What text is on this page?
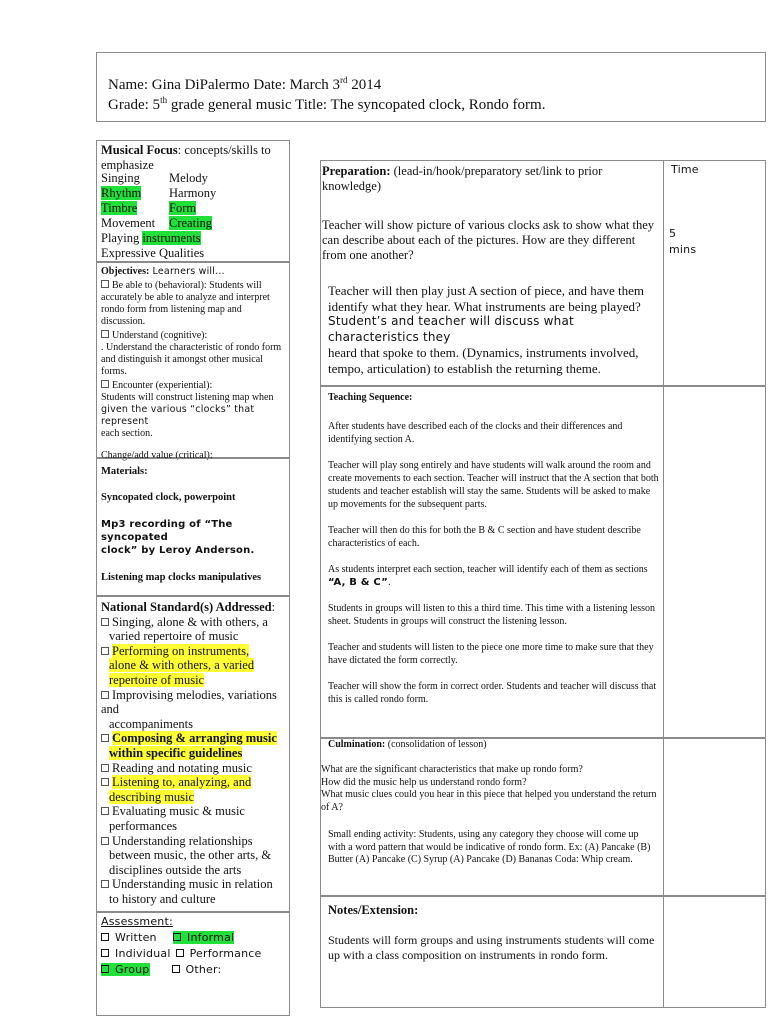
Name: Gina DiPalermo Date: March 3rd 2014
Grade: 5th grade general music Title: The syncopated clock, Rondo form.
Musical Focus: concepts/skills to emphasize
Singing Melody
Rhythm Harmony
Timbre	Form
Movement Creating
Playing instruments
Expressive Qualities
Objectives: Learners will…
Be able to (behavioral): Students will
accurately be able to analyze and interpret rondo form from listening map and discussion.
Understand (cognitive):
. Understand the characteristic of rondo form and distinguish it amongst other musical forms.
Encounter (experiential):
Students will construct listening map when
given the various “clocks” that represent
each section.
Change/add value (critical):
Materials:
Syncopated clock, powerpoint
Mp3 recording of “The syncopated
clock” by Leroy Anderson.
Listening map clocks manipulatives
National Standard(s) Addressed:
Singing, alone & with others, a
varied repertoire of music
Performing on instruments,
alone & with others, a varied
repertoire of music
Improvising melodies, variations
and
accompaniments
Composing & arranging music
within specific guidelines
Reading and notating music
Listening to, analyzing, and
describing music
Evaluating music & music
performances
Understanding relationships
between music, the other arts, &
disciplines outside the arts
Understanding music in relation
to history and culture
Assessment:
Written	Informal
Individual Performance
Group	Other:
Preparation: (lead-in/hook/preparatory set/link to prior knowledge)
Teacher will show picture of various clocks ask to show what they can describe about each of the pictures. How are they different from one another?
Teacher will then play just A section of piece, and have them identify what they hear. What instruments are being played?
Student’s and teacher will discuss what characteristics they
heard that spoke to them. (Dynamics, instruments involved, tempo, articulation) to establish the returning theme.
Time
5
mins
Teaching Sequence:
After students have described each of the clocks and their differences and identifying section A.
Teacher will play song entirely and have students will walk around the room and create movements to each section. Teacher will instruct that the A section that both students and teacher establish will stay the same. Students will be asked to make up movements for the subsequent parts.
Teacher will then do this for both the B & C section and have student describe characteristics of each.
As students interpret each section, teacher will identify each of them as sections “A, B & C”.
Students in groups will listen to this a third time. This time with a listening lesson sheet. Students in groups will construct the listening lesson.
Teacher and students will listen to the piece one more time to make sure that they have dictated the form correctly.
Teacher will show the form in correct order. Students and teacher will discuss that this is called rondo form.
Culmination: (consolidation of lesson)
What are the significant characteristics that make up rondo form?
How did the music help us understand rondo form?
What music clues could you hear in this piece that helped you understand the return of A?
Small ending activity: Students, using any category they choose will come up with a word pattern that would be indicative of rondo form. Ex: (A) Pancake (B) Butter (A) Pancake (C) Syrup (A) Pancake (D) Bananas Coda: Whip cream.
Notes/Extension:
Students will form groups and using instruments students will come up with a class composition on instruments in rondo form.
